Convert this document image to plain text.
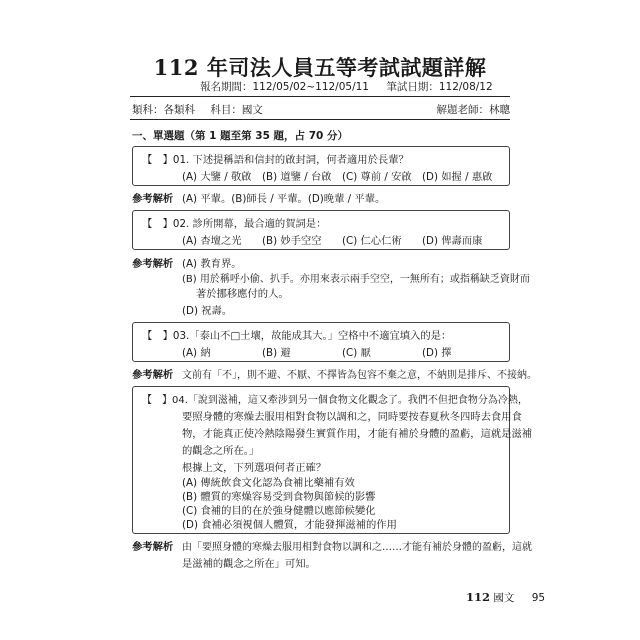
112 年司法人員五等考試試題詳解
報名期間：112/05/02~112/05/11 筆試日期：112/08/12
類科：各類科 科目：國文	解題老師：林聰
一、單選題（第 1 題至第 35 題，占 70 分）
【　】01. 下述提稱語和信封的啟封詞，何者適用於長輩？
(A) 大鑒 / 敬啟 (B) 道鑒 / 台啟 (C) 尊前 / 安啟 (D) 如握 / 惠啟
參考解析 (A) 平輩。(B)師長 / 平輩。(D)晚輩 / 平輩。
【　】02. 診所開幕，最合適的賀詞是：
(A) 杏壇之光 (B) 妙手空空 (C) 仁心仁術 (D) 俾壽而康
參考解析 (A) 教育界。
(B) 用於稱呼小偷、扒手。亦用來表示兩手空空，一無所有；或指稱缺乏資財而
著於挪移應付的人。
(D) 祝壽。
【　】03.「泰山不□土壤，故能成其大。」空格中不適宜填入的是：
(A) 納	(B) 避	(C) 厭	(D) 擇
參考解析 文前有「不」，則不避、不厭、不擇皆為包容不棄之意，不納則是排斥、不接納。
【　】04.「說到滋補，這又牽涉到另一個食物文化觀念了。我們不但把食物分為冷熱，
要照身體的寒燥去服用相對食物以調和之，同時要按春夏秋冬四時去食用食
物，才能真正使冷熱陰陽發生實質作用，才能有補於身體的盈虧，這就是滋補
的觀念之所在。」
根據上文，下列選項何者正確？
(A) 傳統飲食文化認為食補比藥補有效
(B) 體質的寒燥容易受到食物與節候的影響
(C) 食補的目的在於強身健體以應節候變化
參考解析 由「要照身體的寒燥去服用相對食物以調和之……才能有補於身體的盈虧，這就
是滋補的觀念之所在」可知。
112 國文 95
(D) 食補必須視個人體質，才能發揮滋補的作用
